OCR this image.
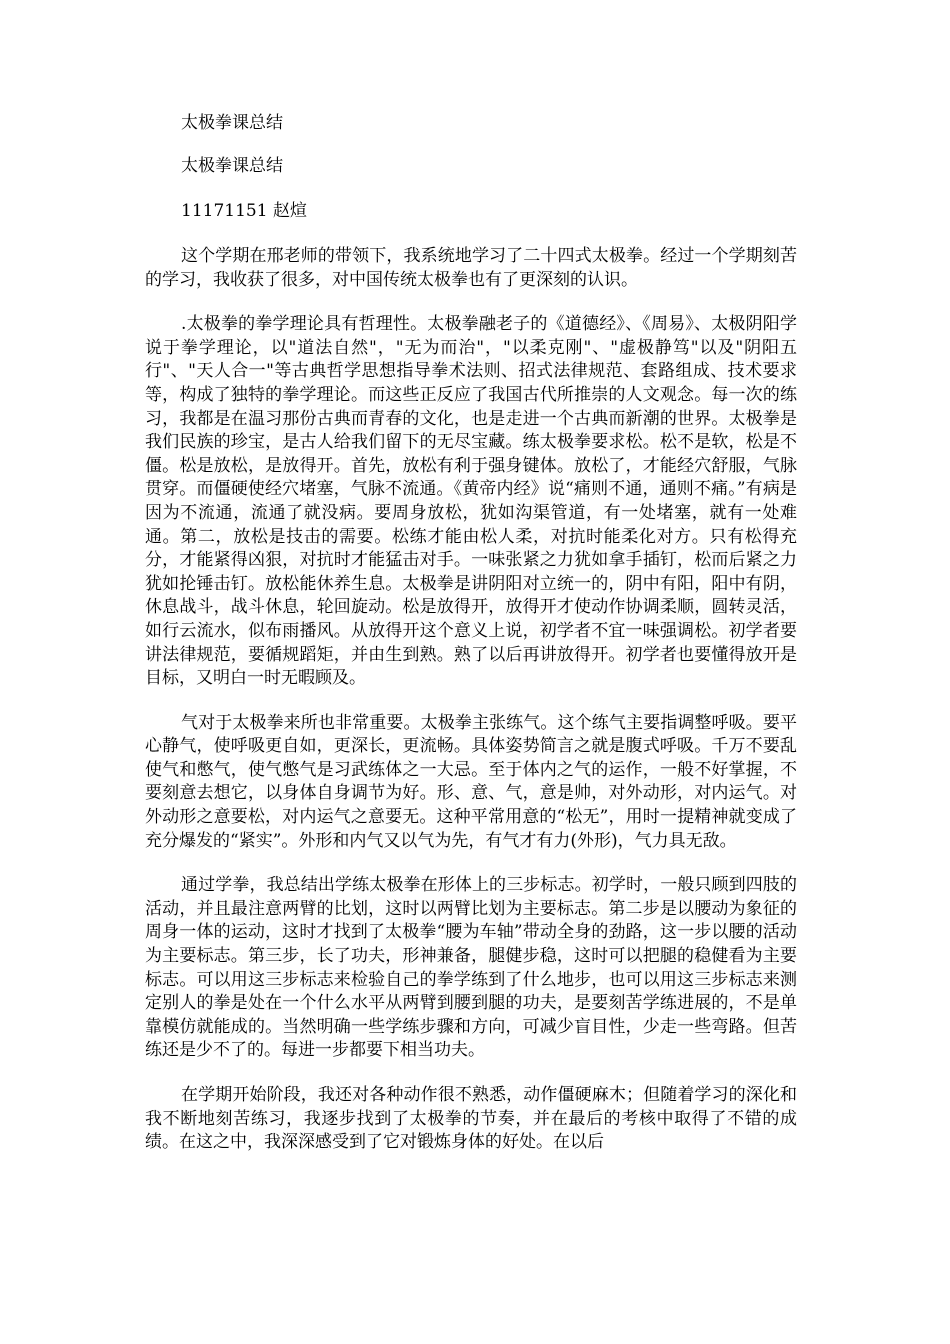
太极拳课总结
太极拳课总结
11171151 赵煊

这个学期在邢老师的带领下，我系统地学习了二十四式太极拳。经过一个学期刻苦的学习，我收获了很多，对中国传统太极拳也有了更深刻的认识。

.太极拳的拳学理论具有哲理性。太极拳融老子的《道德经》、《周易》、太极阴阳学说于拳学理论，以"道法自然"，"无为而治"，"以柔克刚"、"虚极静笃"以及"阴阳五行"、"天人合一"等古典哲学思想指导拳术法则、招式法律规范、套路组成、技术要求等，构成了独特的拳学理论。而这些正反应了我国古代所推崇的人文观念。每一次的练习，我都是在温习那份古典而青春的文化，也是走进一个古典而新潮的世界。太极拳是我们民族的珍宝，是古人给我们留下的无尽宝藏。练太极拳要求松。松不是软，松是不僵。松是放松，是放得开。首先，放松有利于强身键体。放松了，才能经穴舒服，气脉贯穿。而僵硬使经穴堵塞，气脉不流通。《黄帝内经》说“痛则不通，通则不痛。”有病是因为不流通，流通了就没病。要周身放松，犹如沟渠管道，有一处堵塞，就有一处难通。第二，放松是技击的需要。松练才能由松人柔，对抗时能柔化对方。只有松得充分，才能紧得凶狠，对抗时才能猛击对手。一味张紧之力犹如拿手插钉，松而后紧之力犹如抡锤击钉。放松能休养生息。太极拳是讲阴阳对立统一的，阴中有阳，阳中有阴，休息战斗，战斗休息，轮回旋动。松是放得开，放得开才使动作协调柔顺，圆转灵活，如行云流水，似布雨播风。从放得开这个意义上说，初学者不宜一味强调松。初学者要讲法律规范，要循规蹈矩，并由生到熟。熟了以后再讲放得开。初学者也要懂得放开是目标，又明白一时无暇顾及。

气对于太极拳来所也非常重要。太极拳主张练气。这个练气主要指调整呼吸。要平心静气，使呼吸更自如，更深长，更流畅。具体姿势简言之就是腹式呼吸。千万不要乱使气和憋气，使气憋气是习武练体之一大忌。至于体内之气的运作，一般不好掌握，不要刻意去想它，以身体自身调节为好。形、意、气，意是帅，对外动形，对内运气。对外动形之意要松，对内运气之意要无。这种平常用意的“松无”，用时一提精神就变成了充分爆发的“紧实”。外形和内气又以气为先，有气才有力(外形)，气力具无敌。

通过学拳，我总结出学练太极拳在形体上的三步标志。初学时，一般只顾到四肢的活动，并且最注意两臂的比划，这时以两臂比划为主要标志。第二步是以腰动为象征的周身一体的运动，这时才找到了太极拳“腰为车轴”带动全身的劲路，这一步以腰的活动为主要标志。第三步，长了功夫，形神兼备，腿健步稳，这时可以把腿的稳健看为主要标志。可以用这三步标志来检验自己的拳学练到了什么地步，也可以用这三步标志来测定别人的拳是处在一个什么水平从两臂到腰到腿的功夫，是要刻苦学练进展的，不是单靠模仿就能成的。当然明确一些学练步骤和方向，可减少盲目性，少走一些弯路。但苦练还是少不了的。每进一步都要下相当功夫。

在学期开始阶段，我还对各种动作很不熟悉，动作僵硬麻木；但随着学习的深化和我不断地刻苦练习，我逐步找到了太极拳的节奏，并在最后的考核中取得了不错的成绩。在这之中，我深深感受到了它对锻炼身体的好处。在以后
